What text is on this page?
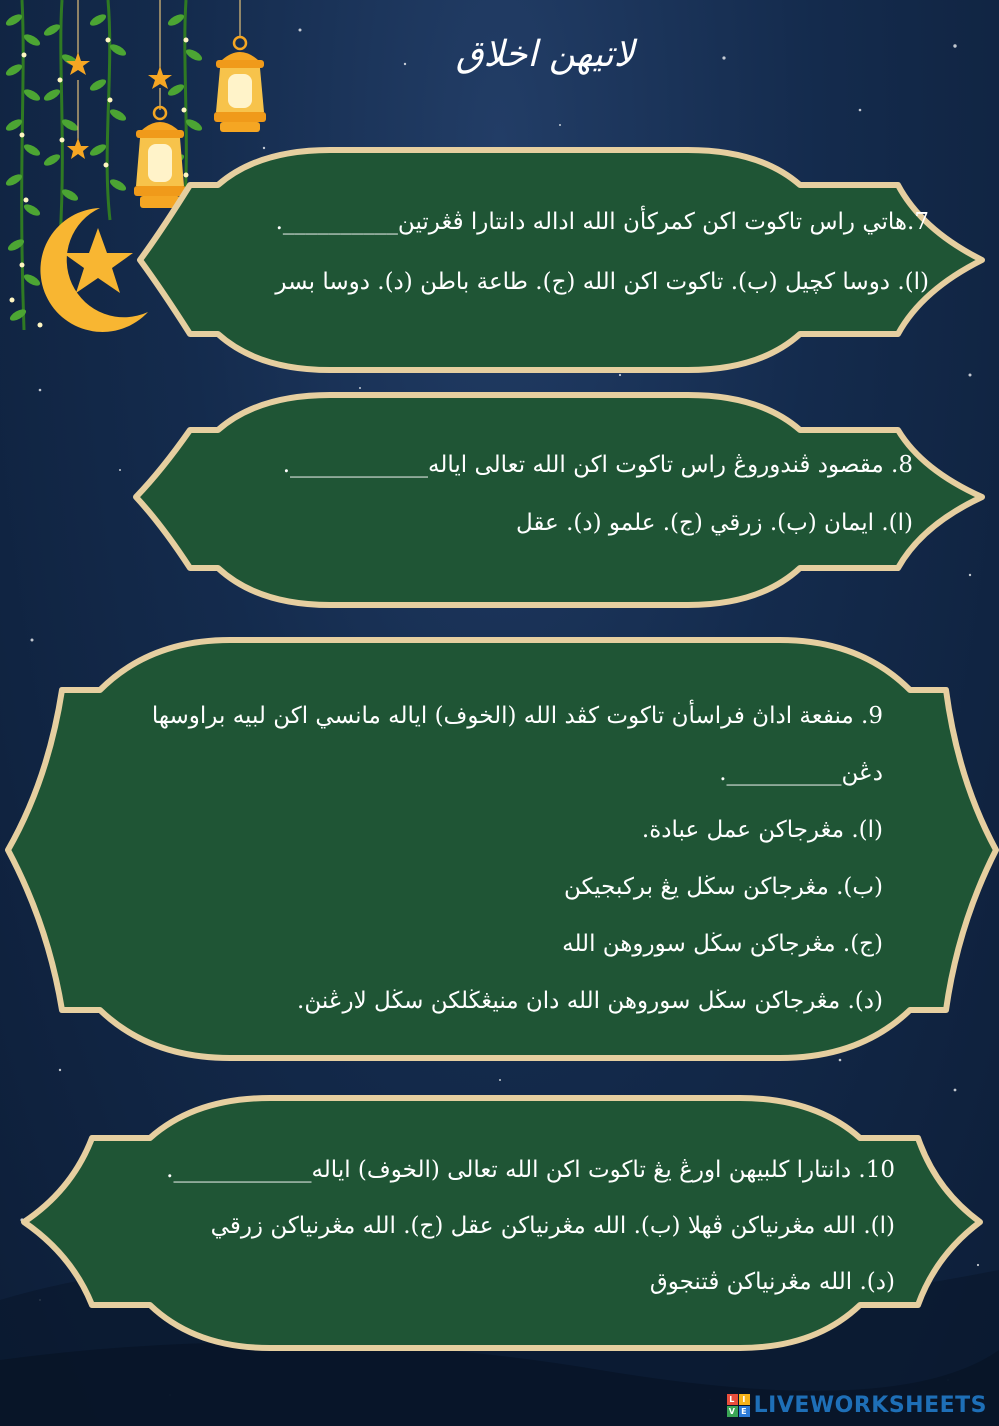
لاتيهن اخلاق
7.هاتي راس تاكوت اكن كمركأن الله اداله دانتارا ڤڠرتين__________.
(ا). دوسا كچيل (ب). تاكوت اكن الله (ج). طاعة باطن (د). دوسا بسر
8. مقصود ڤندوروڠ راس تاكوت اكن الله تعالى اياله____________.
(ا). ايمان (ب). زرقي (ج). علمو (د). عقل
9. منفعة اداڽ فراسأن تاكوت كڤد الله (الخوف) اياله مانسي اكن لبيه براوسها دڠن__________.
(ا). مڠرجاكن عمل عبادة.
(ب). مڠرجاكن سڬل يڠ بركبجيكن
(ج). مڠرجاكن سڬل سوروهن الله
(د). مڠرجاكن سڬل سوروهن الله دان منيڠڬلكن سڬل لارڠنڽ.
10. دانتارا كلبيهن اورڠ يڠ تاكوت اكن الله تعالى (الخوف) اياله____________.
(ا). الله مڠرنياكن ڤهلا (ب). الله مڠرنياكن عقل (ج). الله مڠرنياكن زرقي
(د). الله مڠرنياكن ڤتنجوق
L I
V E LIVEWORKSHEETS
